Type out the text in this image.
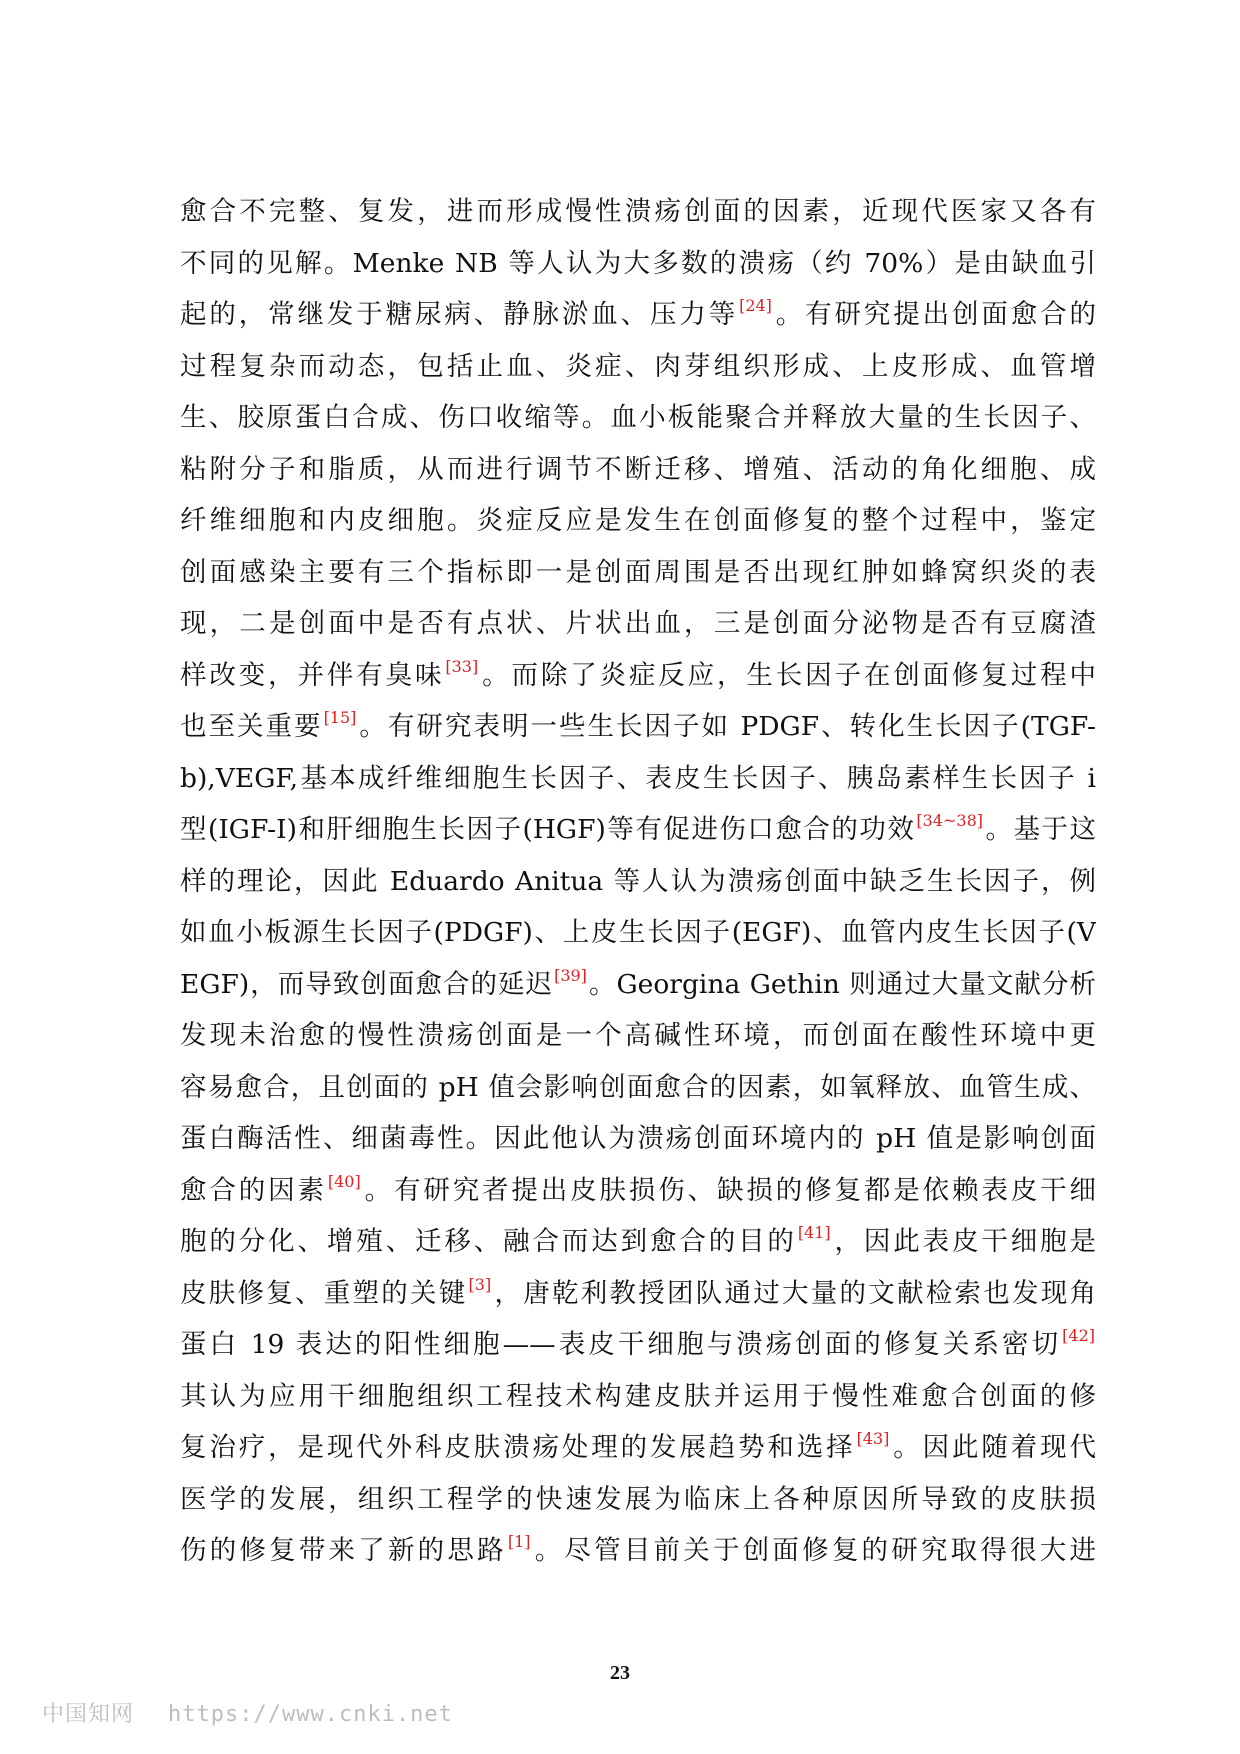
愈合不完整、复发，进而形成慢性溃疡创面的因素，近现代医家又各有
不同的见解。Menke NB 等人认为大多数的溃疡（约 70%）是由缺血引
起的，常继发于糖尿病、静脉淤血、压力等[24]。有研究提出创面愈合的
过程复杂而动态，包括止血、炎症、肉芽组织形成、上皮形成、血管增
生、胶原蛋白合成、伤口收缩等。血小板能聚合并释放大量的生长因子、
粘附分子和脂质，从而进行调节不断迁移、增殖、活动的角化细胞、成
纤维细胞和内皮细胞。炎症反应是发生在创面修复的整个过程中，鉴定
创面感染主要有三个指标即一是创面周围是否出现红肿如蜂窝织炎的表
现，二是创面中是否有点状、片状出血，三是创面分泌物是否有豆腐渣
样改变，并伴有臭味[33]。而除了炎症反应，生长因子在创面修复过程中
也至关重要[15]。有研究表明一些生长因子如 PDGF、转化生长因子(TGF-
b),VEGF,基本成纤维细胞生长因子、表皮生长因子、胰岛素样生长因子 i
型(IGF-I)和肝细胞生长因子(HGF)等有促进伤口愈合的功效[34~38]。基于这
样的理论，因此 Eduardo Anitua 等人认为溃疡创面中缺乏生长因子，例
如血小板源生长因子(PDGF)、上皮生长因子(EGF)、血管内皮生长因子(V
EGF)，而导致创面愈合的延迟[39]。Georgina Gethin 则通过大量文献分析
发现未治愈的慢性溃疡创面是一个高碱性环境，而创面在酸性环境中更
容易愈合，且创面的 pH 值会影响创面愈合的因素，如氧释放、血管生成、
蛋白酶活性、细菌毒性。因此他认为溃疡创面环境内的 pH 值是影响创面
愈合的因素[40]。有研究者提出皮肤损伤、缺损的修复都是依赖表皮干细
胞的分化、增殖、迁移、融合而达到愈合的目的[41]，因此表皮干细胞是
皮肤修复、重塑的关键[3]，唐乾利教授团队通过大量的文献检索也发现角
蛋白 19 表达的阳性细胞——表皮干细胞与溃疡创面的修复关系密切[42]
其认为应用干细胞组织工程技术构建皮肤并运用于慢性难愈合创面的修
复治疗，是现代外科皮肤溃疡处理的发展趋势和选择[43]。因此随着现代
医学的发展，组织工程学的快速发展为临床上各种原因所导致的皮肤损
伤的修复带来了新的思路[1]。尽管目前关于创面修复的研究取得很大进
23
中国知网 https://www.cnki.net
